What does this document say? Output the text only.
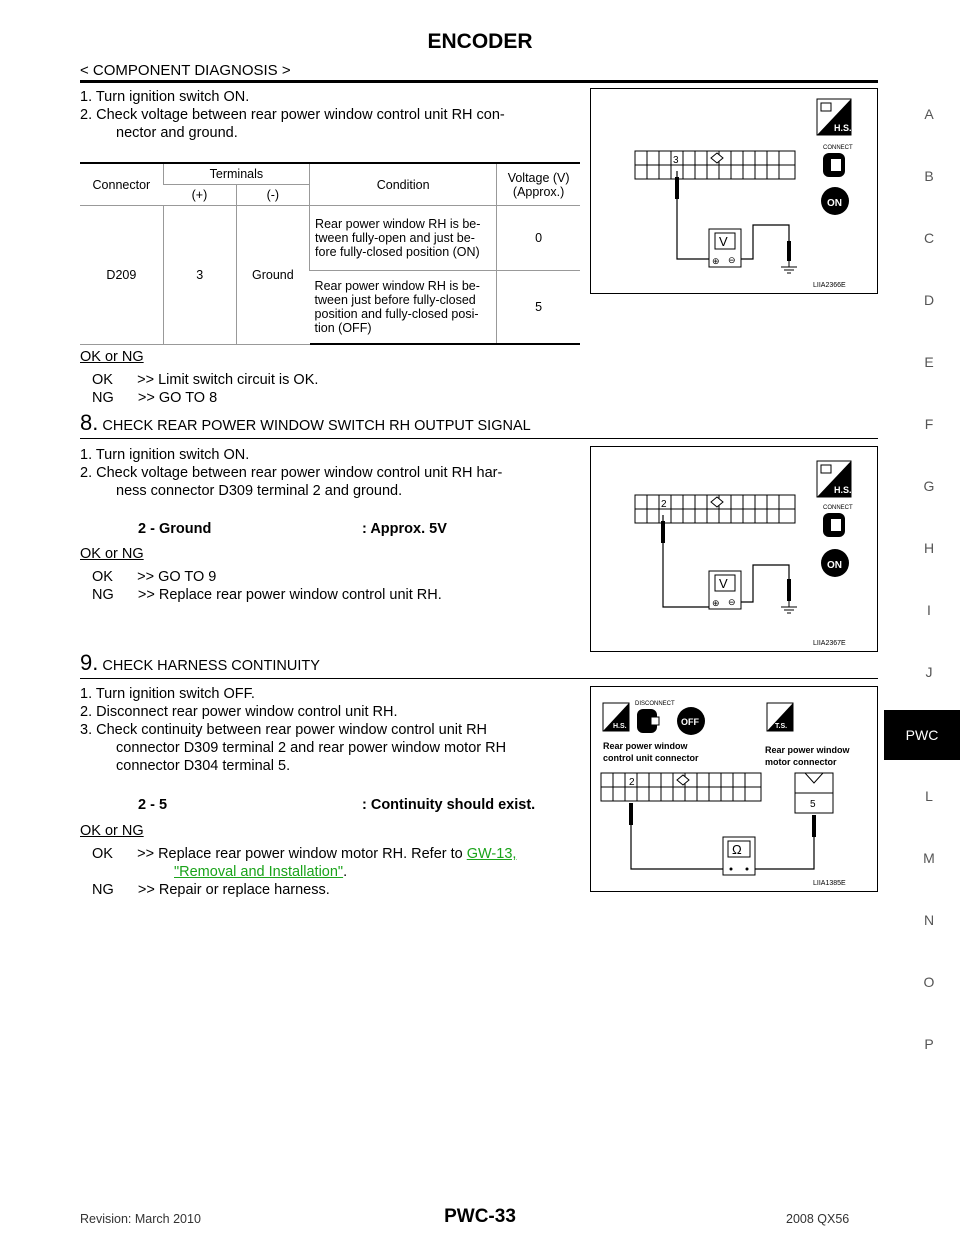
ENCODER
< COMPONENT DIAGNOSIS >
1. Turn ignition switch ON.
2. Check voltage between rear power window control unit RH con-
nector and ground.
Connector	Terminals		Condition	Voltage (V)
(Approx.)
	(+)	(-)		
D209	3	Ground	Rear power window RH is be-tween fully-open and just be-fore fully-closed position (ON)	0
			Rear power window RH is be-tween just before fully-closed position and fully-closed posi-tion (OFF)	5
OK or NG
OK      >> Limit switch circuit is OK.
NG      >> GO TO 8
H.S.
CONNECT
ON
3
V
⊕ ⊖
LIIA2366E
8. CHECK REAR POWER WINDOW SWITCH RH OUTPUT SIGNAL
1. Turn ignition switch ON.
2. Check voltage between rear power window control unit RH har-
ness connector D309 terminal 2 and ground.
2 - Ground	: Approx. 5V
OK or NG
OK      >> GO TO 9
NG      >> Replace rear power window control unit RH.
H.S.
CONNECT
ON
2
V
⊕ ⊖
LIIA2367E
9. CHECK HARNESS CONTINUITY
1. Turn ignition switch OFF.
2. Disconnect rear power window control unit RH.
3. Check continuity between rear power window control unit RH
connector D309 terminal 2 and rear power window motor RH
connector D304 terminal 5.
2 - 5	: Continuity should exist.
OK or NG
OK      >> Replace rear power window motor RH. Refer to GW-13,
"Removal and Installation".
NG      >> Repair or replace harness.
H.S.
DISCONNECT
OFF	T.S.
Rear power window
control unit connector
Rear power window
motor connector
2
5
Ω
LIIA1385E
A
B
C
D
E
F
G
H
I
J
PWC
L
M
N
O
P
Revision: March 2010	PWC-33	2008 QX56
